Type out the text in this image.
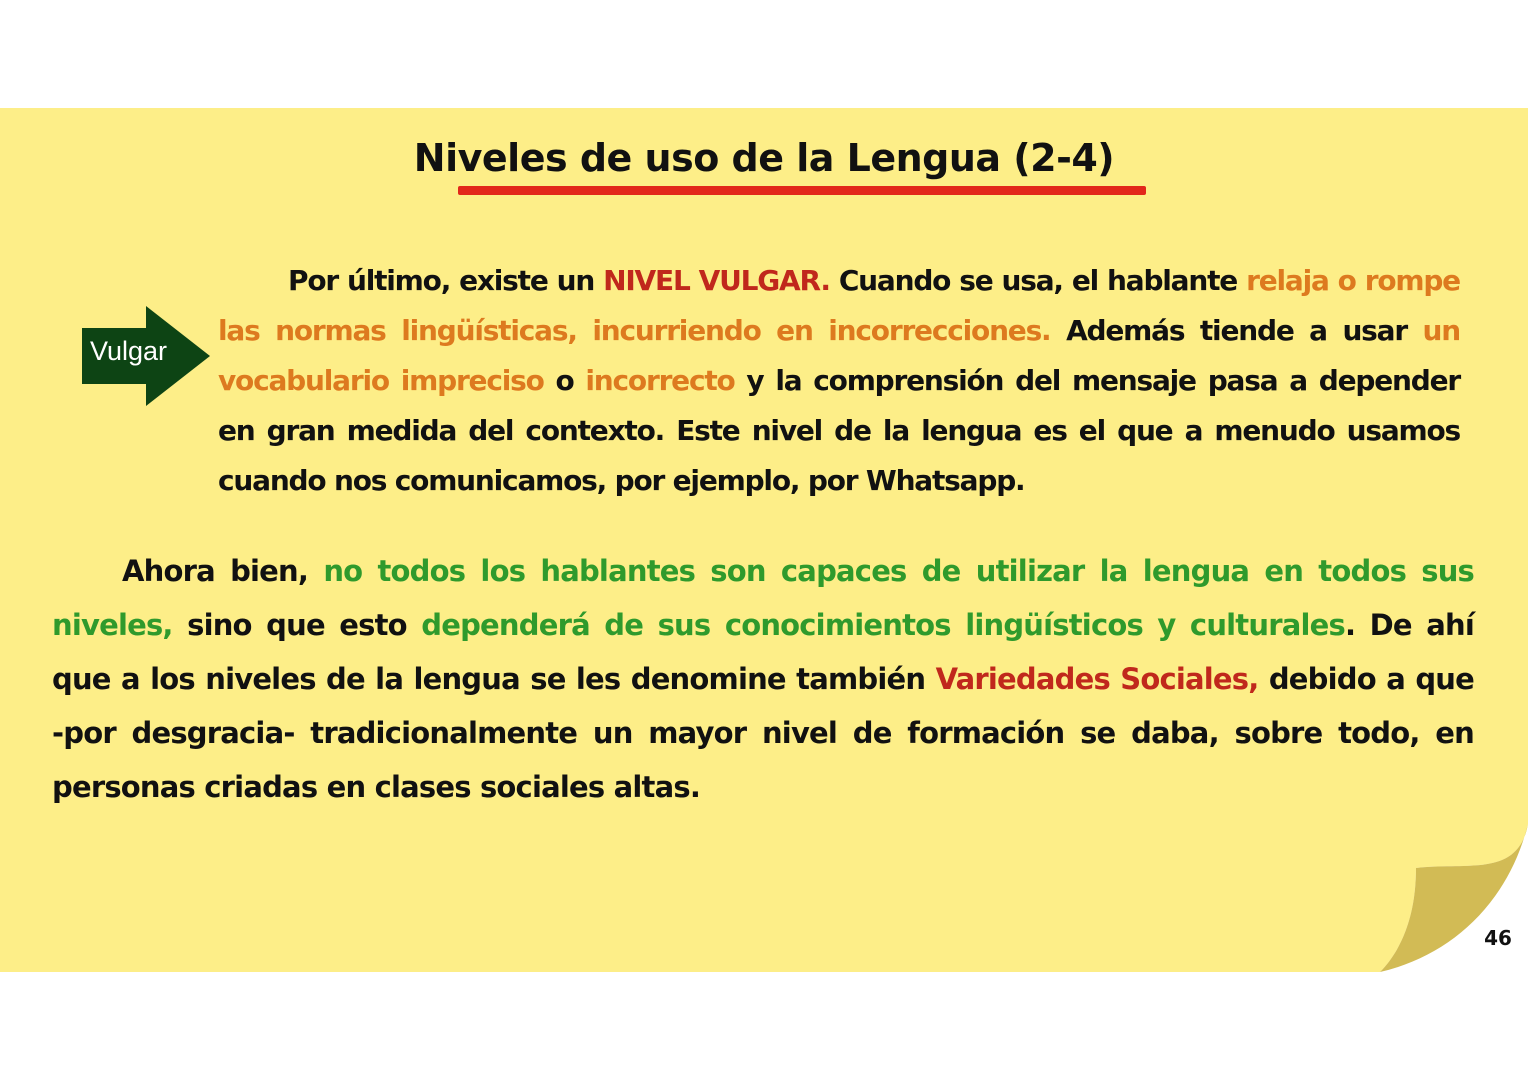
Niveles de uso de la Lengua (2-4)
Vulgar

Por último, existe un NIVEL VULGAR. Cuando se usa, el hablante relaja o rompe las normas lingüísticas, incurriendo en incorrecciones. Además tiende a usar un vocabulario impreciso o incorrecto y la comprensión del mensaje pasa a depender en gran medida del contexto. Este nivel de la lengua es el que a menudo usamos cuando nos comunicamos, por ejemplo, por Whatsapp.

Ahora bien, no todos los hablantes son capaces de utilizar la lengua en todos sus niveles, sino que esto dependerá de sus conocimientos lingüísticos y culturales. De ahí que a los niveles de la lengua se les denomine también Variedades Sociales, debido a que -por desgracia- tradicionalmente un mayor nivel de formación se daba, sobre todo, en personas criadas en clases sociales altas.

46
